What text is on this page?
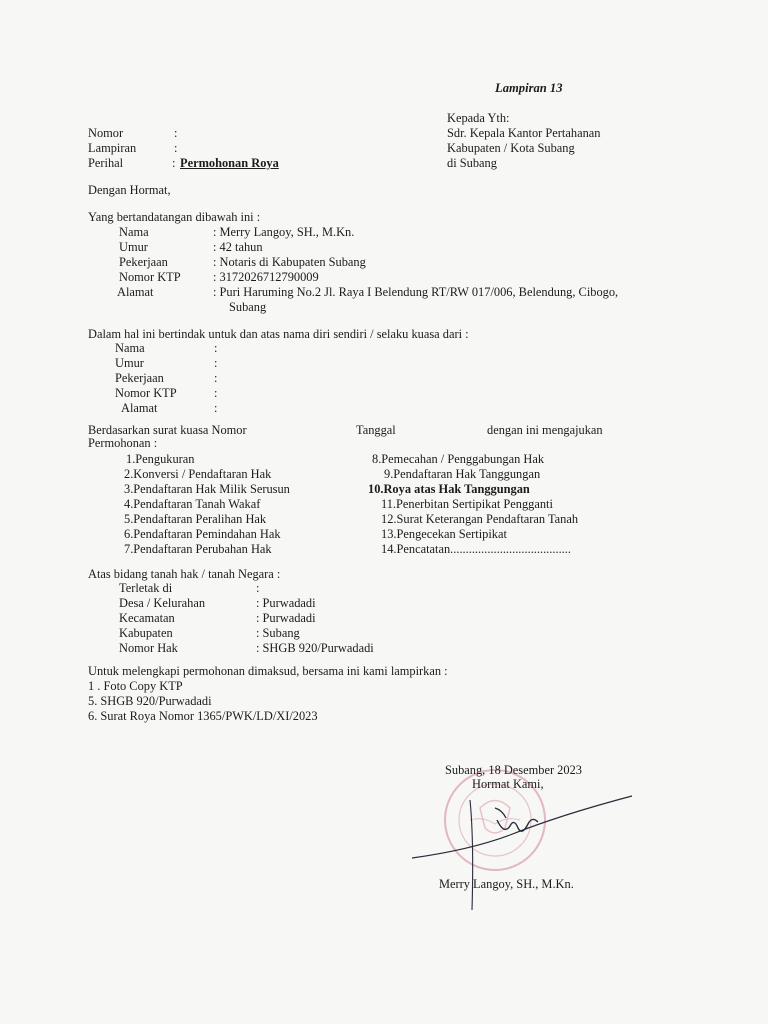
Lampiran 13
Kepada Yth:
Sdr. Kepala Kantor Pertahanan
Kabupaten / Kota Subang
di Subang
Nomor	:
Lampiran	:
Perihal	: Permohonan Roya
Dengan Hormat,
Yang bertandatangan dibawah ini :
Nama	: Merry Langoy, SH., M.Kn.
Umur	: 42 tahun
Pekerjaan	: Notaris di Kabupaten Subang
Nomor KTP	: 3172026712790009
Alamat	: Puri Haruming No.2 Jl. Raya I Belendung RT/RW 017/006, Belendung, Cibogo,
Subang
Dalam hal ini bertindak untuk dan atas nama diri sendiri / selaku kuasa dari :
Nama	:
Umur	:
Pekerjaan	:
Nomor KTP	:
Alamat	:
Berdasarkan surat kuasa Nomor	Tanggal	dengan ini mengajukan
Permohonan :
1.Pengukuran
2.Konversi / Pendaftaran Hak
3.Pendaftaran Hak Milik Serusun
4.Pendaftaran Tanah Wakaf
5.Pendaftaran Peralihan Hak
6.Pendaftaran Pemindahan Hak
7.Pendaftaran Perubahan Hak
8.Pemecahan / Penggabungan Hak
9.Pendaftaran Hak Tanggungan
10.Roya atas Hak Tanggungan
11.Penerbitan Sertipikat Pengganti
12.Surat Keterangan Pendaftaran Tanah
13.Pengecekan Sertipikat
14.Pencatatan.......................................
Atas bidang tanah hak / tanah Negara :
Terletak di	:
Desa / Kelurahan	: Purwadadi
Kecamatan	: Purwadadi
Kabupaten	: Subang
Nomor Hak	: SHGB 920/Purwadadi
Untuk melengkapi permohonan dimaksud, bersama ini kami lampirkan :
1 . Foto Copy KTP
5. SHGB 920/Purwadadi
6. Surat Roya Nomor 1365/PWK/LD/XI/2023
Subang, 18 Desember 2023
Hormat Kami,
Merry Langoy, SH., M.Kn.
